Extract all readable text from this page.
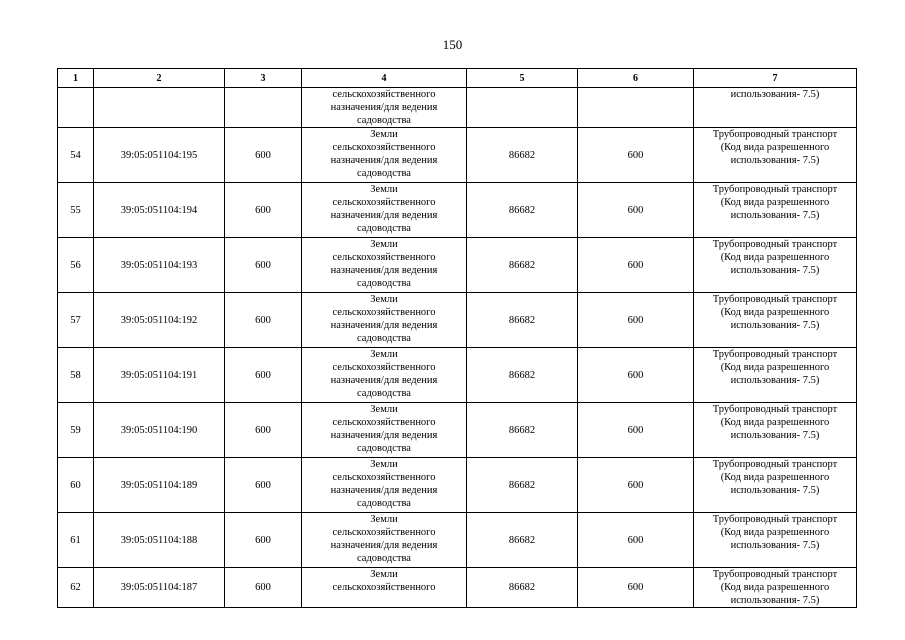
150
1	2	3	4	5	6	7

			сельскохозяйственного
назначения/для ведения
садоводства			использования- 7.5)

54	39:05:051104:195	600	Земли
сельскохозяйственного
назначения/для ведения
садоводства	86682	600	Трубопроводный транспорт
(Код вида разрешенного
использования- 7.5)

55	39:05:051104:194	600	Земли
сельскохозяйственного
назначения/для ведения
садоводства	86682	600	Трубопроводный транспорт
(Код вида разрешенного
использования- 7.5)

56	39:05:051104:193	600	Земли
сельскохозяйственного
назначения/для ведения
садоводства	86682	600	Трубопроводный транспорт
(Код вида разрешенного
использования- 7.5)

57	39:05:051104:192	600	Земли
сельскохозяйственного
назначения/для ведения
садоводства	86682	600	Трубопроводный транспорт
(Код вида разрешенного
использования- 7.5)

58	39:05:051104:191	600	Земли
сельскохозяйственного
назначения/для ведения
садоводства	86682	600	Трубопроводный транспорт
(Код вида разрешенного
использования- 7.5)

59	39:05:051104:190	600	Земли
сельскохозяйственного
назначения/для ведения
садоводства	86682	600	Трубопроводный транспорт
(Код вида разрешенного
использования- 7.5)

60	39:05:051104:189	600	Земли
сельскохозяйственного
назначения/для ведения
садоводства	86682	600	Трубопроводный транспорт
(Код вида разрешенного
использования- 7.5)

61	39:05:051104:188	600	Земли
сельскохозяйственного
назначения/для ведения
садоводства	86682	600	Трубопроводный транспорт
(Код вида разрешенного
использования- 7.5)

62	39:05:051104:187	600	Земли
сельскохозяйственного	86682	600	Трубопроводный транспорт
(Код вида разрешенного
использования- 7.5)
